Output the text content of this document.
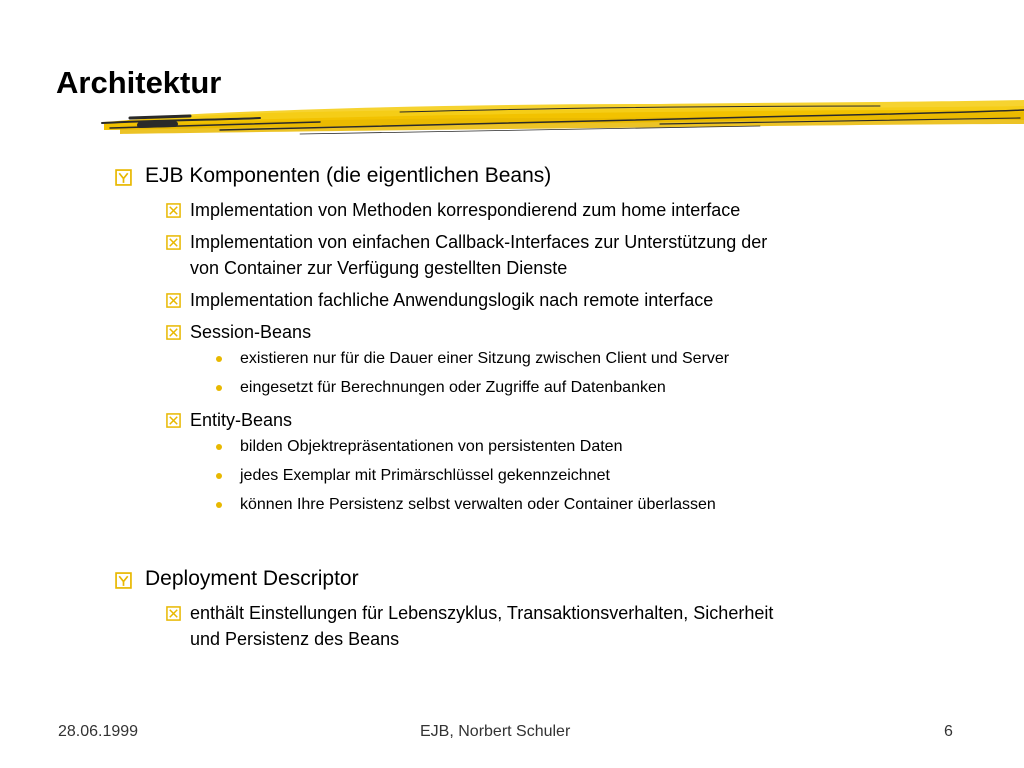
Architektur
EJB Komponenten (die eigentlichen Beans)
Implementation von Methoden korrespondierend zum home interface
Implementation von einfachen Callback-Interfaces zur Unterstützung der
von Container zur Verfügung gestellten Dienste
Implementation fachliche Anwendungslogik nach remote interface
Session-Beans
existieren nur für die Dauer einer Sitzung zwischen Client und Server
eingesetzt für Berechnungen oder Zugriffe auf Datenbanken
Entity-Beans
bilden Objektrepräsentationen von persistenten Daten
jedes Exemplar mit Primärschlüssel gekennzeichnet
können Ihre Persistenz selbst verwalten oder Container überlassen
Deployment Descriptor
enthält Einstellungen für Lebenszyklus, Transaktionsverhalten, Sicherheit
und Persistenz des Beans
28.06.1999	EJB, Norbert Schuler	6
